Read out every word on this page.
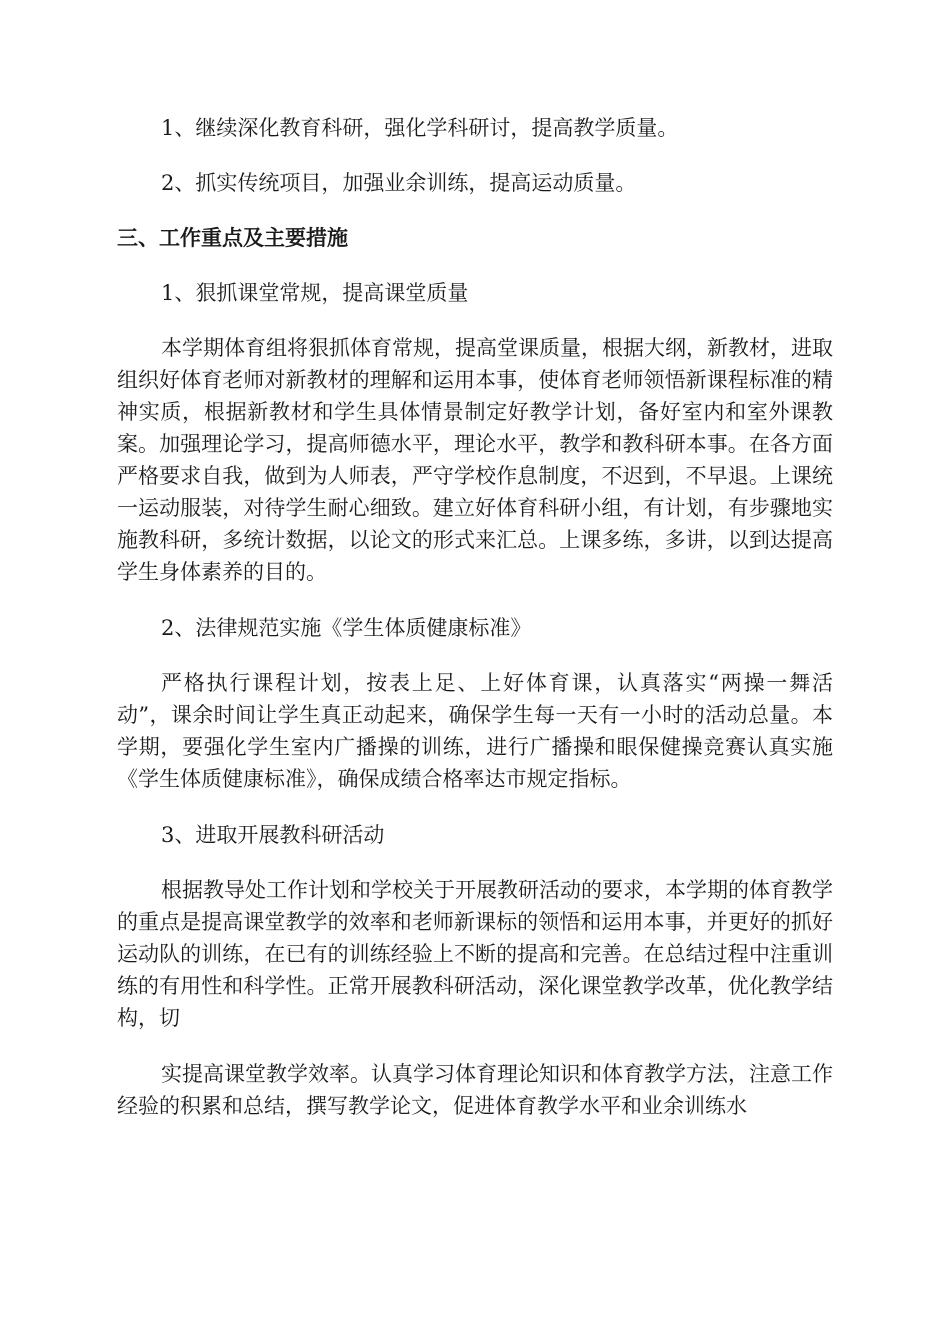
1、继续深化教育科研，强化学科研讨，提高教学质量。

2、抓实传统项目，加强业余训练，提高运动质量。

三、工作重点及主要措施

1、狠抓课堂常规，提高课堂质量

本学期体育组将狠抓体育常规，提高堂课质量，根据大纲，新教材，进取组织好体育老师对新教材的理解和运用本事，使体育老师领悟新课程标准的精神实质，根据新教材和学生具体情景制定好教学计划，备好室内和室外课教案。加强理论学习，提高师德水平，理论水平，教学和教科研本事。在各方面严格要求自我，做到为人师表，严守学校作息制度，不迟到，不早退。上课统一运动服装，对待学生耐心细致。建立好体育科研小组，有计划，有步骤地实施教科研，多统计数据，以论文的形式来汇总。上课多练，多讲，以到达提高学生身体素养的目的。

2、法律规范实施《学生体质健康标准》

严格执行课程计划，按表上足、上好体育课，认真落实“两操一舞活动”，课余时间让学生真正动起来，确保学生每一天有一小时的活动总量。本学期，要强化学生室内广播操的训练，进行广播操和眼保健操竞赛认真实施《学生体质健康标准》，确保成绩合格率达市规定指标。

3、进取开展教科研活动

根据教导处工作计划和学校关于开展教研活动的要求，本学期的体育教学的重点是提高课堂教学的效率和老师新课标的领悟和运用本事，并更好的抓好运动队的训练，在已有的训练经验上不断的提高和完善。在总结过程中注重训练的有用性和科学性。正常开展教科研活动，深化课堂教学改革，优化教学结构，切

实提高课堂教学效率。认真学习体育理论知识和体育教学方法，注意工作经验的积累和总结，撰写教学论文，促进体育教学水平和业余训练水
